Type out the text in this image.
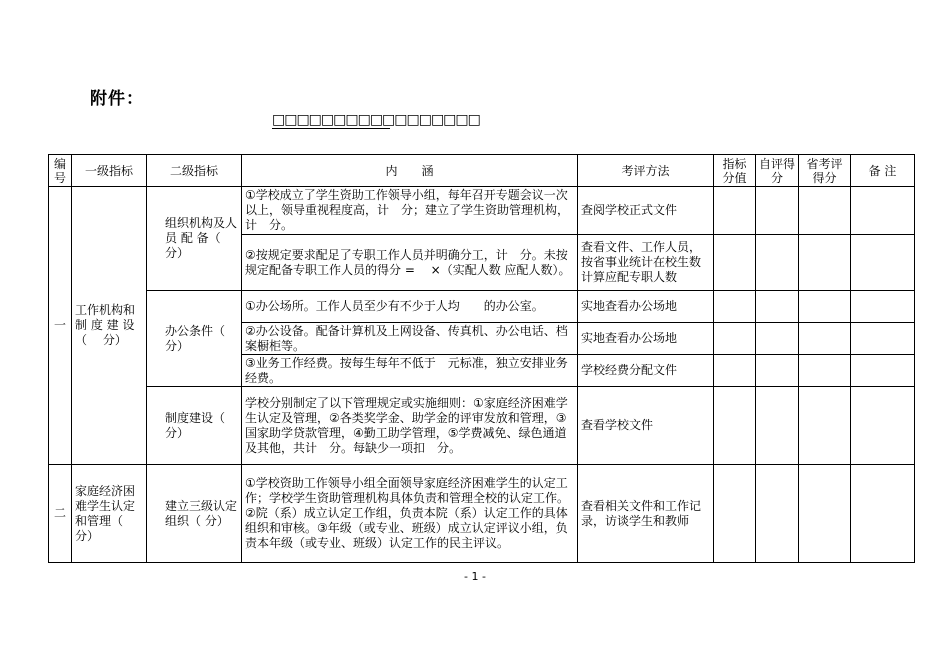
附件：
□□□□□□□□□□□□□□□□□
编号	一级指标	二级指标	内　　涵	考评方法	指标分值	自评得分	省考评得分	备 注
一	工作机构和制 度 建 设 （　 分）	组织机构及人 员 配 备（ 分）	①学校成立了学生资助工作领导小组，每年召开专题会议一次以上，领导重视程度高，计　分；建立了学生资助管理机构，计　分。	查阅学校正式文件				
			②按规定要求配足了专职工作人员并明确分工，计　分。未按规定配备专职工作人员的得分 = 　×（实配人数 应配人数）。	查看文件、工作人员，按省事业统计在校生数计算应配专职人数				
		办公条件（ 分）	①办公场所。工作人员至少有不少于人均　　的办公室。	实地查看办公场地				
			②办公设备。配备计算机及上网设备、传真机、办公电话、档案橱柜等。	实地查看办公场地				
			③业务工作经费。按每生每年不低于　元标准，独立安排业务经费。	学校经费分配文件				
		制度建设（ 分）	学校分别制定了以下管理规定或实施细则：①家庭经济困难学生认定及管理，②各类奖学金、助学金的评审发放和管理，③国家助学贷款管理，④勤工助学管理，⑤学费减免、绿色通道及其他，共计　分。每缺少一项扣　分。	查看学校文件				
二	家庭经济困难学生认定和管理（ 分）	建立三级认定组织（ 分）	①学校资助工作领导小组全面领导家庭经济困难学生的认定工作；学校学生资助管理机构具体负责和管理全校的认定工作。②院（系）成立认定工作组，负责本院（系）认定工作的具体组织和审核。③年级（或专业、班级）成立认定评议小组，负责本年级（或专业、班级）认定工作的民主评议。	查看相关文件和工作记录，访谈学生和教师				
- 1 -
